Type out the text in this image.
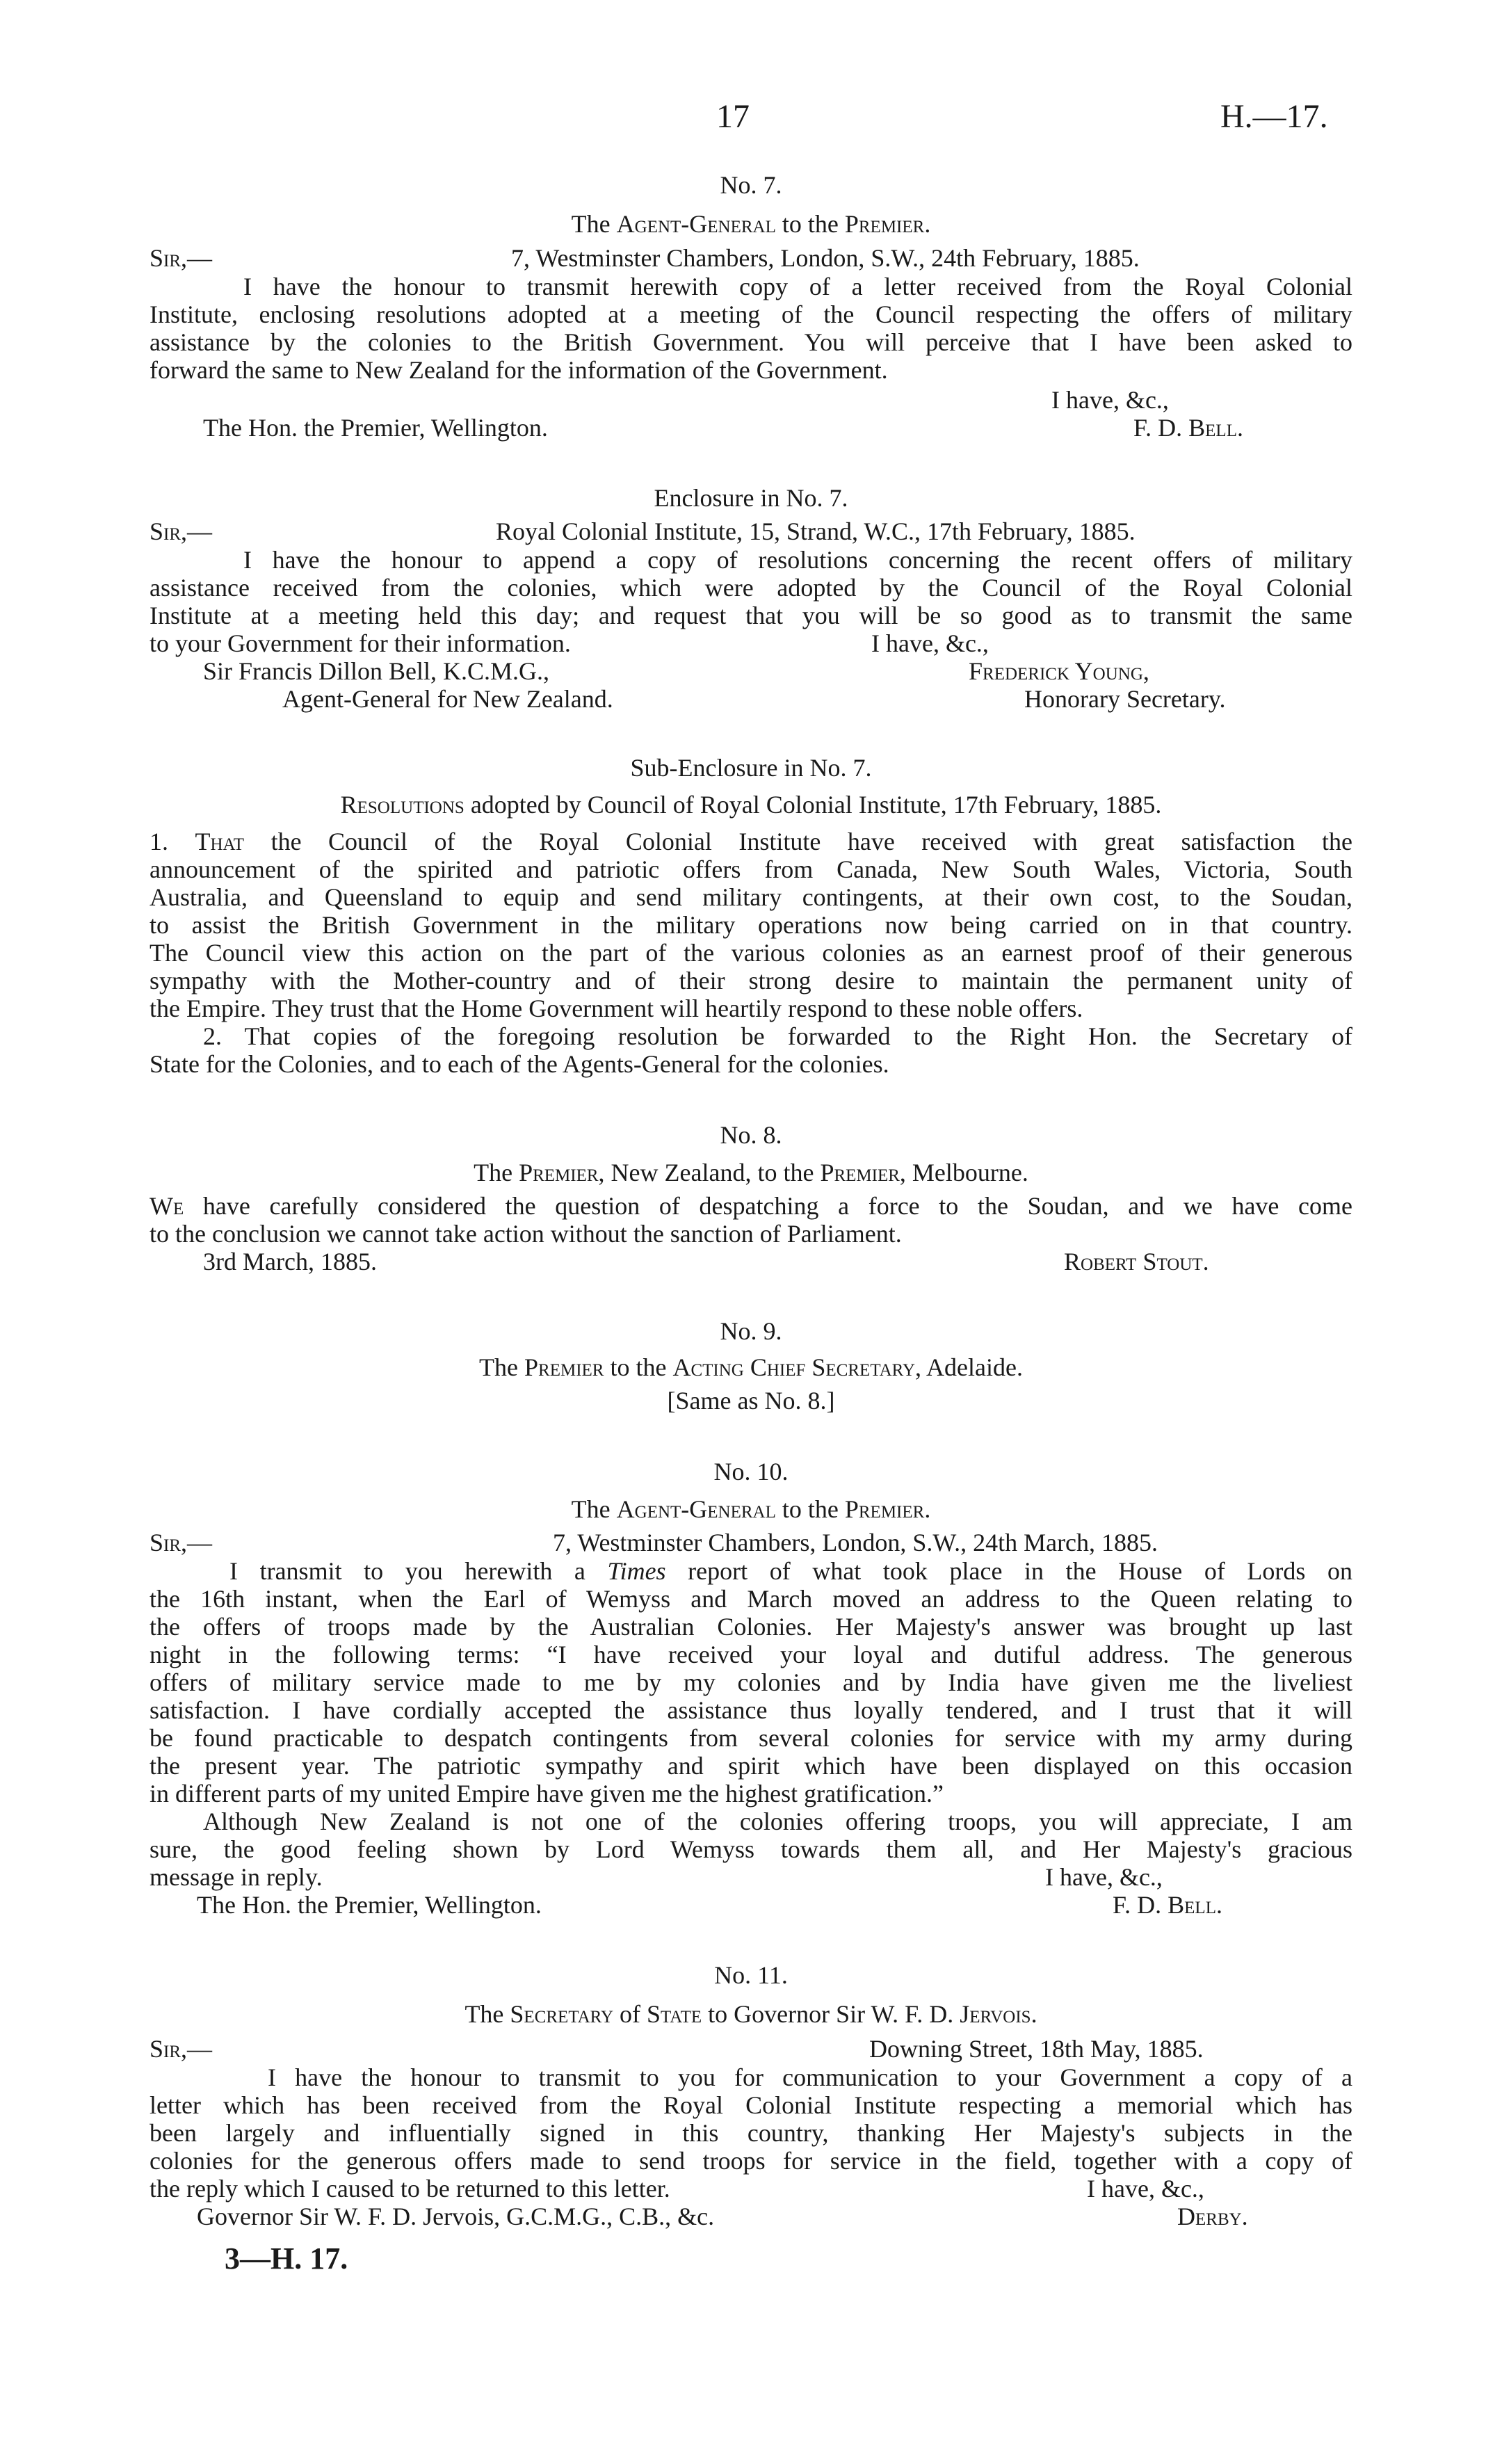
17	H.—17.
No. 7.
The Agent-General to the Premier.
Sir,—	7, Westminster Chambers, London, S.W., 24th February, 1885.
I have the honour to transmit herewith copy of a letter received from the Royal Colonial
Institute, enclosing resolutions adopted at a meeting of the Council respecting the offers of military
assistance by the colonies to the British Government. You will perceive that I have been asked to
forward the same to New Zealand for the information of the Government.
I have, &c.,
The Hon. the Premier, Wellington.	F. D. Bell.
Enclosure in No. 7.
Sir,—	Royal Colonial Institute, 15, Strand, W.C., 17th February, 1885.
I have the honour to append a copy of resolutions concerning the recent offers of military
assistance received from the colonies, which were adopted by the Council of the Royal Colonial
Institute at a meeting held this day; and request that you will be so good as to transmit the same
to your Government for their information.	I have, &c.,
Sir Francis Dillon Bell, K.C.M.G.,	Frederick Young,
Agent-General for New Zealand.	Honorary Secretary.
Sub-Enclosure in No. 7.
Resolutions adopted by Council of Royal Colonial Institute, 17th February, 1885.
1. That the Council of the Royal Colonial Institute have received with great satisfaction the
announcement of the spirited and patriotic offers from Canada, New South Wales, Victoria, South
Australia, and Queensland to equip and send military contingents, at their own cost, to the Soudan,
to assist the British Government in the military operations now being carried on in that country.
The Council view this action on the part of the various colonies as an earnest proof of their generous
sympathy with the Mother-country and of their strong desire to maintain the permanent unity of
the Empire. They trust that the Home Government will heartily respond to these noble offers.
2. That copies of the foregoing resolution be forwarded to the Right Hon. the Secretary of
State for the Colonies, and to each of the Agents-General for the colonies.
No. 8.
The Premier, New Zealand, to the Premier, Melbourne.
We have carefully considered the question of despatching a force to the Soudan, and we have come
to the conclusion we cannot take action without the sanction of Parliament.
3rd March, 1885.	Robert Stout.
No. 9.
The Premier to the Acting Chief Secretary, Adelaide.
[Same as No. 8.]
No. 10.
The Agent-General to the Premier.
Sir,—	7, Westminster Chambers, London, S.W., 24th March, 1885.
I transmit to you herewith a Times report of what took place in the House of Lords on
the 16th instant, when the Earl of Wemyss and March moved an address to the Queen relating to
the offers of troops made by the Australian Colonies. Her Majesty's answer was brought up last
night in the following terms: “I have received your loyal and dutiful address. The generous
offers of military service made to me by my colonies and by India have given me the liveliest
satisfaction. I have cordially accepted the assistance thus loyally tendered, and I trust that it will
be found practicable to despatch contingents from several colonies for service with my army during
the present year. The patriotic sympathy and spirit which have been displayed on this occasion
in different parts of my united Empire have given me the highest gratification.”
Although New Zealand is not one of the colonies offering troops, you will appreciate, I am
sure, the good feeling shown by Lord Wemyss towards them all, and Her Majesty's gracious
message in reply.	I have, &c.,
The Hon. the Premier, Wellington.	F. D. Bell.
No. 11.
The Secretary of State to Governor Sir W. F. D. Jervois.
Sir,—	Downing Street, 18th May, 1885.
I have the honour to transmit to you for communication to your Government a copy of a
letter which has been received from the Royal Colonial Institute respecting a memorial which has
been largely and influentially signed in this country, thanking Her Majesty's subjects in the
colonies for the generous offers made to send troops for service in the field, together with a copy of
the reply which I caused to be returned to this letter.	I have, &c.,
Governor Sir W. F. D. Jervois, G.C.M.G., C.B., &c.	Derby.
3—H. 17.
